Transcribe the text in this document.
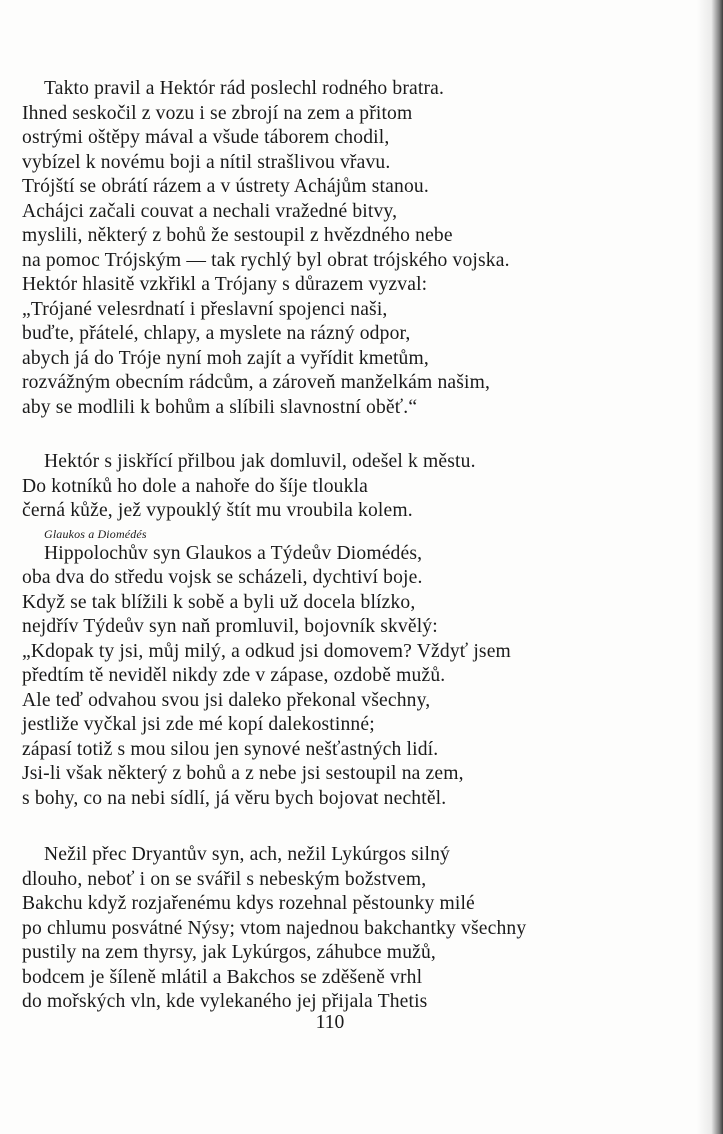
Takto pravil a Hektór rád poslechl rodného bratra.
Ihned seskočil z vozu i se zbrojí na zem a přitom
ostrými oštěpy mával a všude táborem chodil,
vybízel k novému boji a nítil strašlivou vřavu.
Trójští se obrátí rázem a v ústrety Achájům stanou.
Achájci začali couvat a nechali vražedné bitvy,
myslili, některý z bohů že sestoupil z hvězdného nebe
na pomoc Trójským — tak rychlý byl obrat trójského vojska.
Hektór hlasitě vzkřikl a Trójany s důrazem vyzval:
„Trójané velesrdnatí i přeslavní spojenci naši,
buďte, přátelé, chlapy, a myslete na rázný odpor,
abych já do Tróje nyní moh zajít a vyřídit kmetům,
rozvážným obecním rádcům, a zároveň manželkám našim,
aby se modlili k bohům a slíbili slavnostní oběť.“
Hektór s jiskřící přilbou jak domluvil, odešel k městu.
Do kotníků ho dole a nahoře do šíje tloukla
černá kůže, jež vypouklý štít mu vroubila kolem.
Glaukos a Diomédés
Hippolochův syn Glaukos a Týdeův Diomédés,
oba dva do středu vojsk se scházeli, dychtiví boje.
Když se tak blížili k sobě a byli už docela blízko,
nejdřív Týdeův syn naň promluvil, bojovník skvělý:
„Kdopak ty jsi, můj milý, a odkud jsi domovem? Vždyť jsem
předtím tě neviděl nikdy zde v zápase, ozdobě mužů.
Ale teď odvahou svou jsi daleko překonal všechny,
jestliže vyčkal jsi zde mé kopí dalekostinné;
zápasí totiž s mou silou jen synové nešťastných lidí.
Jsi-li však některý z bohů a z nebe jsi sestoupil na zem,
s bohy, co na nebi sídlí, já věru bych bojovat nechtěl.
Nežil přec Dryantův syn, ach, nežil Lykúrgos silný
dlouho, neboť i on se svářil s nebeským božstvem,
Bakchu když rozjařenému kdys rozehnal pěstounky milé
po chlumu posvátné Nýsy; vtom najednou bakchantky všechny
pustily na zem thyrsy, jak Lykúrgos, záhubce mužů,
bodcem je šíleně mlátil a Bakchos se zděšeně vrhl
do mořských vln, kde vylekaného jej přijala Thetis
110
